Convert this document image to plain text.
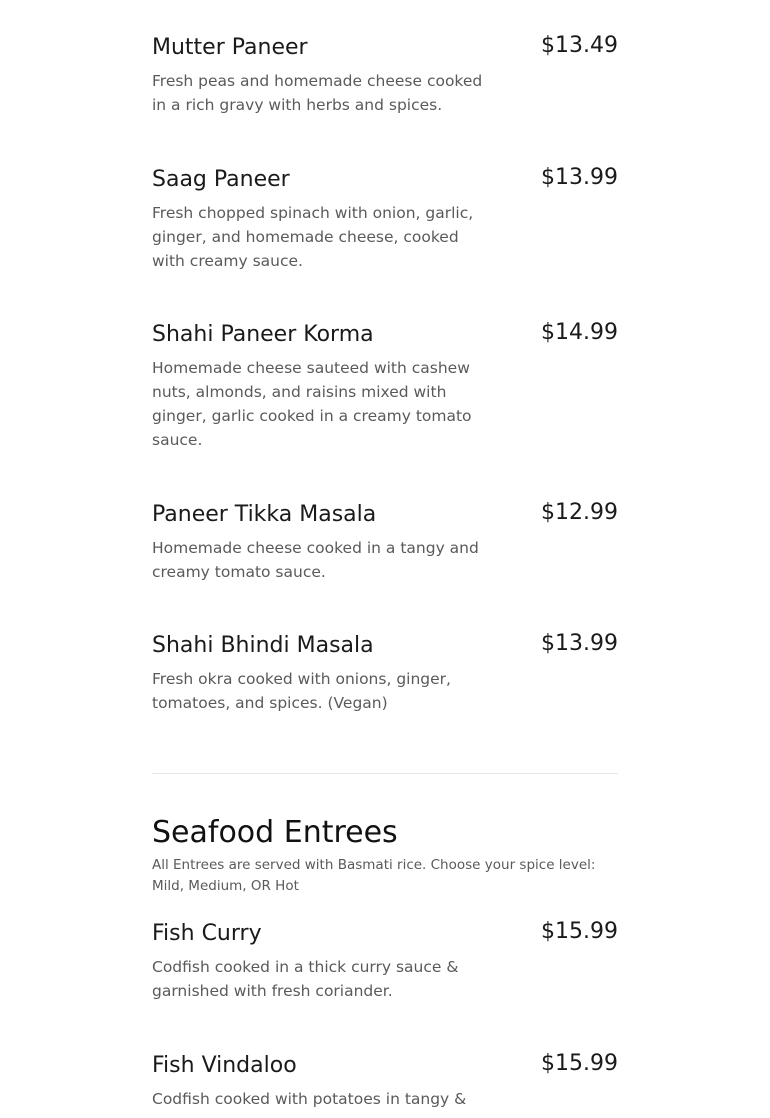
Mutter Paneer	$13.49
Fresh peas and homemade cheese cooked in a rich gravy with herbs and spices.
Saag Paneer	$13.99
Fresh chopped spinach with onion, garlic, ginger, and homemade cheese, cooked with creamy sauce.
Shahi Paneer Korma	$14.99
Homemade cheese sauteed with cashew nuts, almonds, and raisins mixed with ginger, garlic cooked in a creamy tomato sauce.
Paneer Tikka Masala	$12.99
Homemade cheese cooked in a tangy and creamy tomato sauce.
Shahi Bhindi Masala	$13.99
Fresh okra cooked with onions, ginger, tomatoes, and spices. (Vegan)
Seafood Entrees
All Entrees are served with Basmati rice. Choose your spice level: Mild, Medium, OR Hot
Fish Curry	$15.99
Codfish cooked in a thick curry sauce & garnished with fresh coriander.
Fish Vindaloo	$15.99
Codfish cooked with potatoes in tangy &
